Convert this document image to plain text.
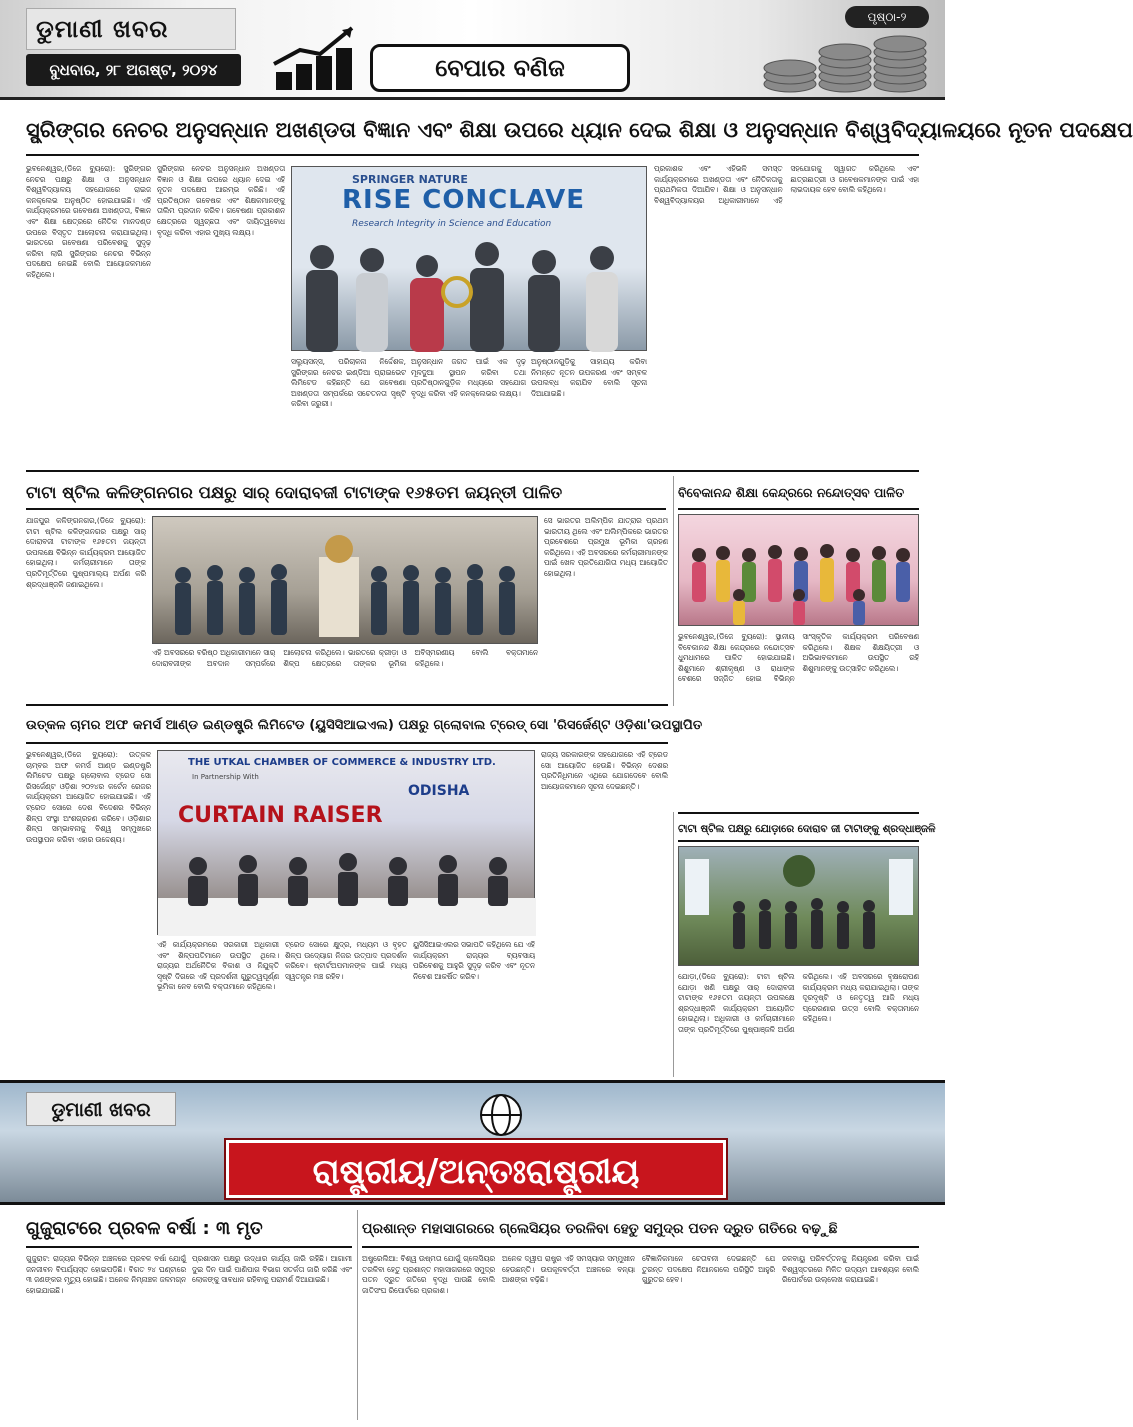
ଡୁମାଣୀ ଖବର
ବୁଧବାର, ୨୮ ଅଗଷ୍ଟ, ୨୦୨୪	ବେପାର ବଣିଜ
ପୃଷ୍ଠା-୨
ସ୍ପ୍ରିଙ୍ଗର ନେଚର ଅନୁସନ୍ଧାନ ଅଖଣ୍ଡତା ବିଜ୍ଞାନ ଏବଂ ଶିକ୍ଷା ଉପରେ ଧ୍ୟାନ ଦେଇ ଶିକ୍ଷା ଓ ଅନୁସନ୍ଧାନ ବିଶ୍ୱବିଦ୍ୟାଳୟରେ ନୂତନ ପଦକ୍ଷେପ
ଭୁବନେଶ୍ୱର,(ଡିଜେ ବ୍ୟୁରୋ): ସ୍ପ୍ରିଙ୍ଗର ନେଚର ପକ୍ଷରୁ ଶିକ୍ଷା ଓ ଅନୁସନ୍ଧାନ ବିଶ୍ୱବିଦ୍ୟାଳୟ ସହଯୋଗରେ ରାଇଜ କନକ୍ଲେଭ ଅନୁଷ୍ଠିତ ହୋଇଯାଇଛି। ଏହି କାର୍ଯ୍ୟକ୍ରମରେ ଗବେଷଣା ଅଖଣ୍ଡତା, ବିଜ୍ଞାନ ଏବଂ ଶିକ୍ଷା କ୍ଷେତ୍ରରେ ନୈତିକ ମାନଦଣ୍ଡ ଉପରେ ବିସ୍ତୃତ ଆଲୋଚନା କରାଯାଇଥିଲା। ଭାରତରେ ଗବେଷଣା ପରିବେଶକୁ ସୁଦୃଢ଼ କରିବା ଲାଗି ସ୍ପ୍ରିଙ୍ଗର ନେଚର ବିଭିନ୍ନ ପଦକ୍ଷେପ ନେଇଛି ବୋଲି ଆୟୋଜକମାନେ କହିଥିଲେ।
ସ୍ପ୍ରିଙ୍ଗର ନେଚର ଅନୁସନ୍ଧାନ ଅଖଣ୍ଡତା ବିଜ୍ଞାନ ଓ ଶିକ୍ଷା ଉପରେ ଧ୍ୟାନ ଦେଇ ଏହି ନୂତନ ପଦକ୍ଷେପ ଆରମ୍ଭ କରିଛି। ଏହି ପ୍ରତିଷ୍ଠାନ ଗବେଷକ ଏବଂ ଶିକ୍ଷକମାନଙ୍କୁ ତାଲିମ ପ୍ରଦାନ କରିବ। ଗବେଷଣା ପ୍ରକାଶନ କ୍ଷେତ୍ରରେ ସ୍ୱଚ୍ଛତା ଏବଂ ଦାୟିତ୍ୱବୋଧ ବୃଦ୍ଧି କରିବା ଏହାର ମୁଖ୍ୟ ଲକ୍ଷ୍ୟ।
SPRINGER NATURE
RISE CONCLAVE
Research Integrity in Science and Education
ପ୍ରକାଶକ ଏବଂ ଏହିଭଳି ସମସ୍ତ କାର୍ଯ୍ୟକ୍ରମରେ ଅଖଣ୍ଡତା ଏବଂ ନୈତିକତାକୁ ପ୍ରାଥମିକତା ଦିଆଯିବ। ଶିକ୍ଷା ଓ ଅନୁସନ୍ଧାନ ବିଶ୍ୱବିଦ୍ୟାଳୟର ଅଧିକାରୀମାନେ ଏହି ସହଯୋଗକୁ ସ୍ୱାଗତ କରିଥିଲେ ଏବଂ ଛାତ୍ରଛାତ୍ରୀ ଓ ଗବେଷକମାନଙ୍କ ପାଇଁ ଏହା ଲାଭଦାୟକ ହେବ ବୋଲି କହିଥିଲେ।
ସଲ୍ୟୁସନ୍ସ, ପରିଚାଳନା ନିର୍ଦ୍ଦେଶକ, ସ୍ପ୍ରିଙ୍ଗର ନେଚର ଇଣ୍ଡିଆ ପ୍ରାଇଭେଟ ଲିମିଟେଡ କହିଛନ୍ତି ଯେ ଗବେଷଣା ଅଖଣ୍ଡତା ସମ୍ପର୍କରେ ସଚେତନତା ସୃଷ୍ଟି କରିବା ଜରୁରୀ।
ଅନୁସନ୍ଧାନ ଜଗତ ପାଇଁ ଏକ ଦୃଢ଼ ମୂଳଦୁଆ ସ୍ଥାପନ କରିବା ତଥା ପ୍ରତିଷ୍ଠାନଗୁଡ଼ିକ ମଧ୍ୟରେ ସହଯୋଗ ବୃଦ୍ଧି କରିବା ଏହି କନକ୍ଲେଭର ଲକ୍ଷ୍ୟ।
ଅନୁଷ୍ଠାନଗୁଡ଼ିକୁ ସାହାଯ୍ୟ କରିବା ନିମନ୍ତେ ନୂତନ ଉପକରଣ ଏବଂ ସମ୍ବଳ ଉପଲବ୍ଧ କରାଯିବ ବୋଲି ସୂଚନା ଦିଆଯାଇଛି।
ଟାଟା ଷ୍ଟିଲ କଳିଙ୍ଗନଗର ପକ୍ଷରୁ ସାର୍ ଦୋରାବଜୀ ଟାଟାଙ୍କ ୧୬୫ତମ ଜୟନ୍ତୀ ପାଳିତ
ଯାଜପୁର କଳିଙ୍ଗନଗର,(ଡିଜେ ବ୍ୟୁରୋ): ଟାଟା ଷ୍ଟିଲ କଳିଙ୍ଗନଗର ପକ୍ଷରୁ ସାର୍ ଦୋରାବଜୀ ଟାଟାଙ୍କ ୧୬୫ତମ ଜୟନ୍ତୀ ଉପଲକ୍ଷେ ବିଭିନ୍ନ କାର୍ଯ୍ୟକ୍ରମ ଆୟୋଜିତ ହୋଇଥିଲା। କର୍ମଚାରୀମାନେ ତାଙ୍କ ପ୍ରତିମୂର୍ତ୍ତିରେ ପୁଷ୍ପମାଲ୍ୟ ଅର୍ପଣ କରି ଶ୍ରଦ୍ଧାଞ୍ଜଳି ଜଣାଇଥିଲେ।
ଏହି ଅବସରରେ ବରିଷ୍ଠ ଅଧିକାରୀମାନେ ସାର୍ ଦୋରାବଜୀଙ୍କ ଅବଦାନ ସମ୍ପର୍କରେ ଆଲୋଚନା କରିଥିଲେ। ଭାରତରେ କ୍ରୀଡ଼ା ଓ ଶିଳ୍ପ କ୍ଷେତ୍ରରେ ତାଙ୍କର ଭୂମିକା ଅବିସ୍ମରଣୀୟ ବୋଲି ବକ୍ତାମାନେ କହିଥିଲେ।
ସେ ଭାରତର ଅଲିମ୍ପିକ ଯାତ୍ରାର ପ୍ରଥମ ଭାରତୀୟ ଥିଲେ ଏବଂ ଅଲିମ୍ପିକରେ ଭାରତର ପ୍ରବେଶରେ ପ୍ରମୁଖ ଭୂମିକା ଗ୍ରହଣ କରିଥିଲେ। ଏହି ଅବସରରେ କର୍ମଚାରୀମାନଙ୍କ ପାଇଁ ଖେଳ ପ୍ରତିଯୋଗିତା ମଧ୍ୟ ଆୟୋଜିତ ହୋଇଥିଲା।
ବିବେକାନନ୍ଦ ଶିକ୍ଷା କେନ୍ଦ୍ରରେ ନନ୍ଦୋତ୍ସବ ପାଳିତ
ଭୁବନେଶ୍ୱର,(ଡିଜେ ବ୍ୟୁରୋ): ସ୍ଥାନୀୟ ବିବେକାନନ୍ଦ ଶିକ୍ଷା କେନ୍ଦ୍ରରେ ନନ୍ଦୋତ୍ସବ ଧୁମଧାମରେ ପାଳିତ ହୋଇଯାଇଛି। ଶିଶୁମାନେ ଶ୍ରୀକୃଷ୍ଣ ଓ ରାଧାଙ୍କ ବେଶରେ ସଜ୍ଜିତ ହୋଇ ବିଭିନ୍ନ ସାଂସ୍କୃତିକ କାର୍ଯ୍ୟକ୍ରମ ପରିବେଷଣ କରିଥିଲେ। ଶିକ୍ଷକ ଶିକ୍ଷୟିତ୍ରୀ ଓ ଅଭିଭାବକମାନେ ଉପସ୍ଥିତ ରହି ଶିଶୁମାନଙ୍କୁ ଉତ୍ସାହିତ କରିଥିଲେ।
ଉତ୍କଳ ଚାମର ଅଫ କମର୍ସ ଆଣ୍ଡ ଇଣ୍ଡଷ୍ଟ୍ରି ଲିମିଟେଡ (ୟୁସିସିଆଇଏଲ) ପକ୍ଷରୁ ଗ୍ଲୋବାଲ ଟ୍ରେଡ୍ ସୋ 'ରିସର୍ଜେଣ୍ଟ ଓଡ଼ିଶା'ଉପସ୍ଥାପିତ
ଭୁବନେଶ୍ୱର,(ଡିଜେ ବ୍ୟୁରୋ): ଉତ୍କଳ ଚାମ୍ବର ଅଫ କମର୍ସ ଆଣ୍ଡ ଇଣ୍ଡଷ୍ଟ୍ରି ଲିମିଟେଡ ପକ୍ଷରୁ ଗ୍ଲୋବାଲ ଟ୍ରେଡ ସୋ ରିସର୍ଜେଣ୍ଟ ଓଡ଼ିଶା ୨୦୨୪ର କର୍ଟେନ ରେଜର କାର୍ଯ୍ୟକ୍ରମ ଆୟୋଜିତ ହୋଇଯାଇଛି। ଏହି ଟ୍ରେଡ ସୋରେ ଦେଶ ବିଦେଶର ବିଭିନ୍ନ ଶିଳ୍ପ ସଂସ୍ଥା ଅଂଶଗ୍ରହଣ କରିବେ। ଓଡ଼ିଶାର ଶିଳ୍ପ ସମ୍ଭାବନାକୁ ବିଶ୍ୱ ସମ୍ମୁଖରେ ଉପସ୍ଥାପନ କରିବା ଏହାର ଉଦ୍ଦେଶ୍ୟ।
THE UTKAL CHAMBER OF COMMERCE & INDUSTRY LTD.
In Partnership With
ODISHA
CURTAIN RAISER
ଏହି କାର୍ଯ୍ୟକ୍ରମରେ ସରକାରୀ ଅଧିକାରୀ ଏବଂ ଶିଳ୍ପପତିମାନେ ଉପସ୍ଥିତ ଥିଲେ। ରାଜ୍ୟର ଅର୍ଥନୈତିକ ବିକାଶ ଓ ନିଯୁକ୍ତି ସୃଷ୍ଟି ଦିଗରେ ଏହି ପ୍ରଦର୍ଶନୀ ଗୁରୁତ୍ୱପୂର୍ଣ୍ଣ ଭୂମିକା ନେବ ବୋଲି ବକ୍ତାମାନେ କହିଥିଲେ।
ଟ୍ରେଡ ସୋରେ କ୍ଷୁଦ୍ର, ମଧ୍ୟମ ଓ ବୃହତ ଶିଳ୍ପ ଉଦ୍ୟୋଗ ନିଜର ଉତ୍ପାଦ ପ୍ରଦର୍ଶନ କରିବେ। ଷ୍ଟାର୍ଟଅପମାନଙ୍କ ପାଇଁ ମଧ୍ୟ ସ୍ୱତନ୍ତ୍ର ମଞ୍ଚ ରହିବ।
ୟୁସିସିଆଇଏଲର ସଭାପତି କହିଥିଲେ ଯେ ଏହି କାର୍ଯ୍ୟକ୍ରମ ରାଜ୍ୟର ବ୍ୟବସାୟ ପରିବେଶକୁ ଆହୁରି ସୁଦୃଢ଼ କରିବ ଏବଂ ନୂତନ ନିବେଶ ଆକର୍ଷିତ କରିବ।
ରାଜ୍ୟ ସରକାରଙ୍କ ସହଯୋଗରେ ଏହି ଟ୍ରେଡ ସୋ ଆୟୋଜିତ ହେଉଛି। ବିଭିନ୍ନ ଦେଶର ପ୍ରତିନିଧିମାନେ ଏଥିରେ ଯୋଗଦେବେ ବୋଲି ଆୟୋଜକମାନେ ସୂଚନା ଦେଇଛନ୍ତି।
ଟାଟା ଷ୍ଟିଲ ପକ୍ଷରୁ ଯୋଡ଼ାରେ ଦୋରାବ ଜୀ ଟାଟାଙ୍କୁ ଶ୍ରଦ୍ଧାଞ୍ଜଳି
ଯୋଡ଼ା,(ଡିଜେ ବ୍ୟୁରୋ): ଟାଟା ଷ୍ଟିଲ ଯୋଡ଼ା ଖଣି ପକ୍ଷରୁ ସାର୍ ଦୋରାବଜୀ ଟାଟାଙ୍କ ୧୬୫ତମ ଜୟନ୍ତୀ ଉପଲକ୍ଷେ ଶ୍ରଦ୍ଧାଞ୍ଜଳି କାର୍ଯ୍ୟକ୍ରମ ଆୟୋଜିତ ହୋଇଥିଲା। ଅଧିକାରୀ ଓ କର୍ମଚାରୀମାନେ ତାଙ୍କ ପ୍ରତିମୂର୍ତ୍ତିରେ ପୁଷ୍ପାଞ୍ଜଳି ଅର୍ପଣ କରିଥିଲେ। ଏହି ଅବସରରେ ବୃକ୍ଷରୋପଣ କାର୍ଯ୍ୟକ୍ରମ ମଧ୍ୟ କରାଯାଇଥିଲା। ତାଙ୍କ ଦୂରଦୃଷ୍ଟି ଓ ନେତୃତ୍ୱ ଆଜି ମଧ୍ୟ ପ୍ରେରଣାର ଉତ୍ସ ବୋଲି ବକ୍ତାମାନେ କହିଥିଲେ।
ଡୁମାଣୀ ଖବର
ରାଷ୍ଟ୍ରୀୟ/ଅନ୍ତଃରାଷ୍ଟ୍ରୀୟ
ଗୁଜୁରାଟରେ ପ୍ରବଳ ବର୍ଷା : ୩ ମୃତ
ଗୁଜୁରାଟ: ରାଜ୍ୟର ବିଭିନ୍ନ ଅଞ୍ଚଳରେ ପ୍ରବଳ ବର୍ଷା ଯୋଗୁଁ ଜନଜୀବନ ବିପର୍ଯ୍ୟସ୍ତ ହୋଇପଡ଼ିଛି। ବିଗତ ୨୪ ଘଣ୍ଟାରେ ୩ ଜଣଙ୍କର ମୃତ୍ୟୁ ହୋଇଛି। ଅନେକ ନିମ୍ନାଞ୍ଚଳ ଜଳମଗ୍ନ ହୋଇଯାଇଛି।
ପ୍ରଶାସନ ପକ୍ଷରୁ ଉଦ୍ଧାର କାର୍ଯ୍ୟ ଜାରି ରହିଛି। ଆଗାମୀ ଦୁଇ ଦିନ ପାଇଁ ପାଣିପାଗ ବିଭାଗ ସତର୍କତା ଜାରି କରିଛି ଏବଂ ଲୋକଙ୍କୁ ସାବଧାନ ରହିବାକୁ ପରାମର୍ଶ ଦିଆଯାଇଛି।
ପ୍ରଶାନ୍ତ ମହାସାଗରରେ ଗ୍ଲେସିୟର ତରଳିବା ହେତୁ ସମୁଦ୍ର ପତନ ଦ୍ରୁତ ଗତିରେ ବଢ଼ୁଛି
ଅଷ୍ଟ୍ରେଲିଆ: ବିଶ୍ୱ ଉଷ୍ମତା ଯୋଗୁଁ ଗ୍ଲେସିୟର ତରଳିବା ହେତୁ ପ୍ରଶାନ୍ତ ମହାସାଗରରେ ସମୁଦ୍ର ପତନ ଦ୍ରୁତ ଗତିରେ ବୃଦ୍ଧି ପାଉଛି ବୋଲି ଜାତିସଂଘ ରିପୋର୍ଟରେ ପ୍ରକାଶ।
ଅନେକ ଦ୍ୱୀପ ରାଷ୍ଟ୍ର ଏହି ସମସ୍ୟାର ସମ୍ମୁଖୀନ ହେଉଛନ୍ତି। ଉପକୂଳବର୍ତ୍ତୀ ଅଞ୍ଚଳରେ ବନ୍ୟା ଆଶଙ୍କା ବଢ଼ିଛି।
ବୈଜ୍ଞାନିକମାନେ ଚେତାବନୀ ଦେଇଛନ୍ତି ଯେ ତୁରନ୍ତ ପଦକ୍ଷେପ ନିଆନଗଲେ ପରିସ୍ଥିତି ଆହୁରି ଗୁରୁତର ହେବ।
ଜଳବାୟୁ ପରିବର୍ତ୍ତନକୁ ନିୟନ୍ତ୍ରଣ କରିବା ପାଇଁ ବିଶ୍ୱସ୍ତରରେ ମିଳିତ ଉଦ୍ୟମ ଆବଶ୍ୟକ ବୋଲି ରିପୋର୍ଟରେ ଉଲ୍ଲେଖ କରାଯାଇଛି।
